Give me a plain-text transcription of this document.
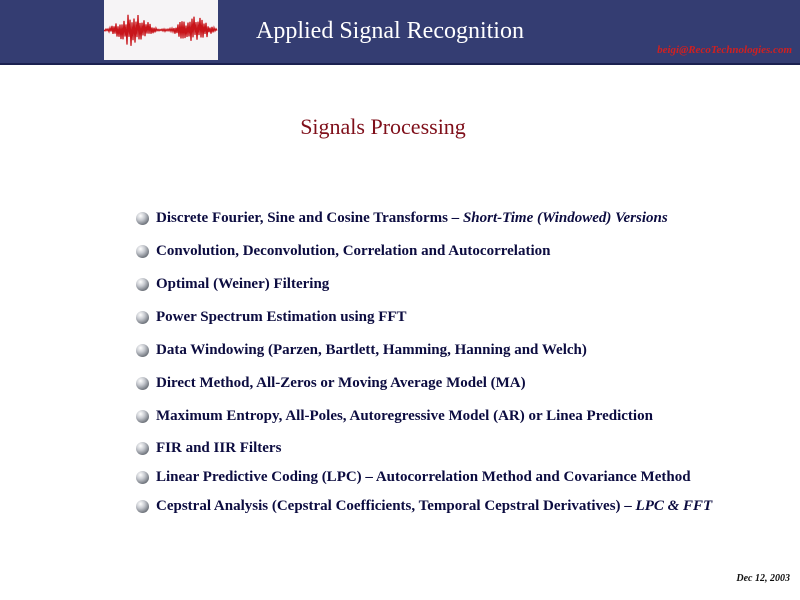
Applied Signal Recognition
beigi@RecoTechnologies.com
Signals Processing
Discrete Fourier, Sine and Cosine Transforms –
Short-Time (Windowed) Versions
Convolution, Deconvolution, Correlation and Autocorrelation
Optimal (Weiner) Filtering
Power Spectrum Estimation using FFT
Data Windowing (Parzen, Bartlett, Hamming, Hanning and Welch)
Direct Method, All-Zeros or Moving Average Model (MA)
Maximum Entropy, All-Poles, Autoregressive Model (AR) or Linea Prediction
FIR and IIR Filters
Linear Predictive Coding (LPC) – Autocorrelation Method and Covariance Method
Cepstral Analysis (Cepstral Coefficients, Temporal Cepstral Derivatives) –
LPC & FFT
Dec 12, 2003
